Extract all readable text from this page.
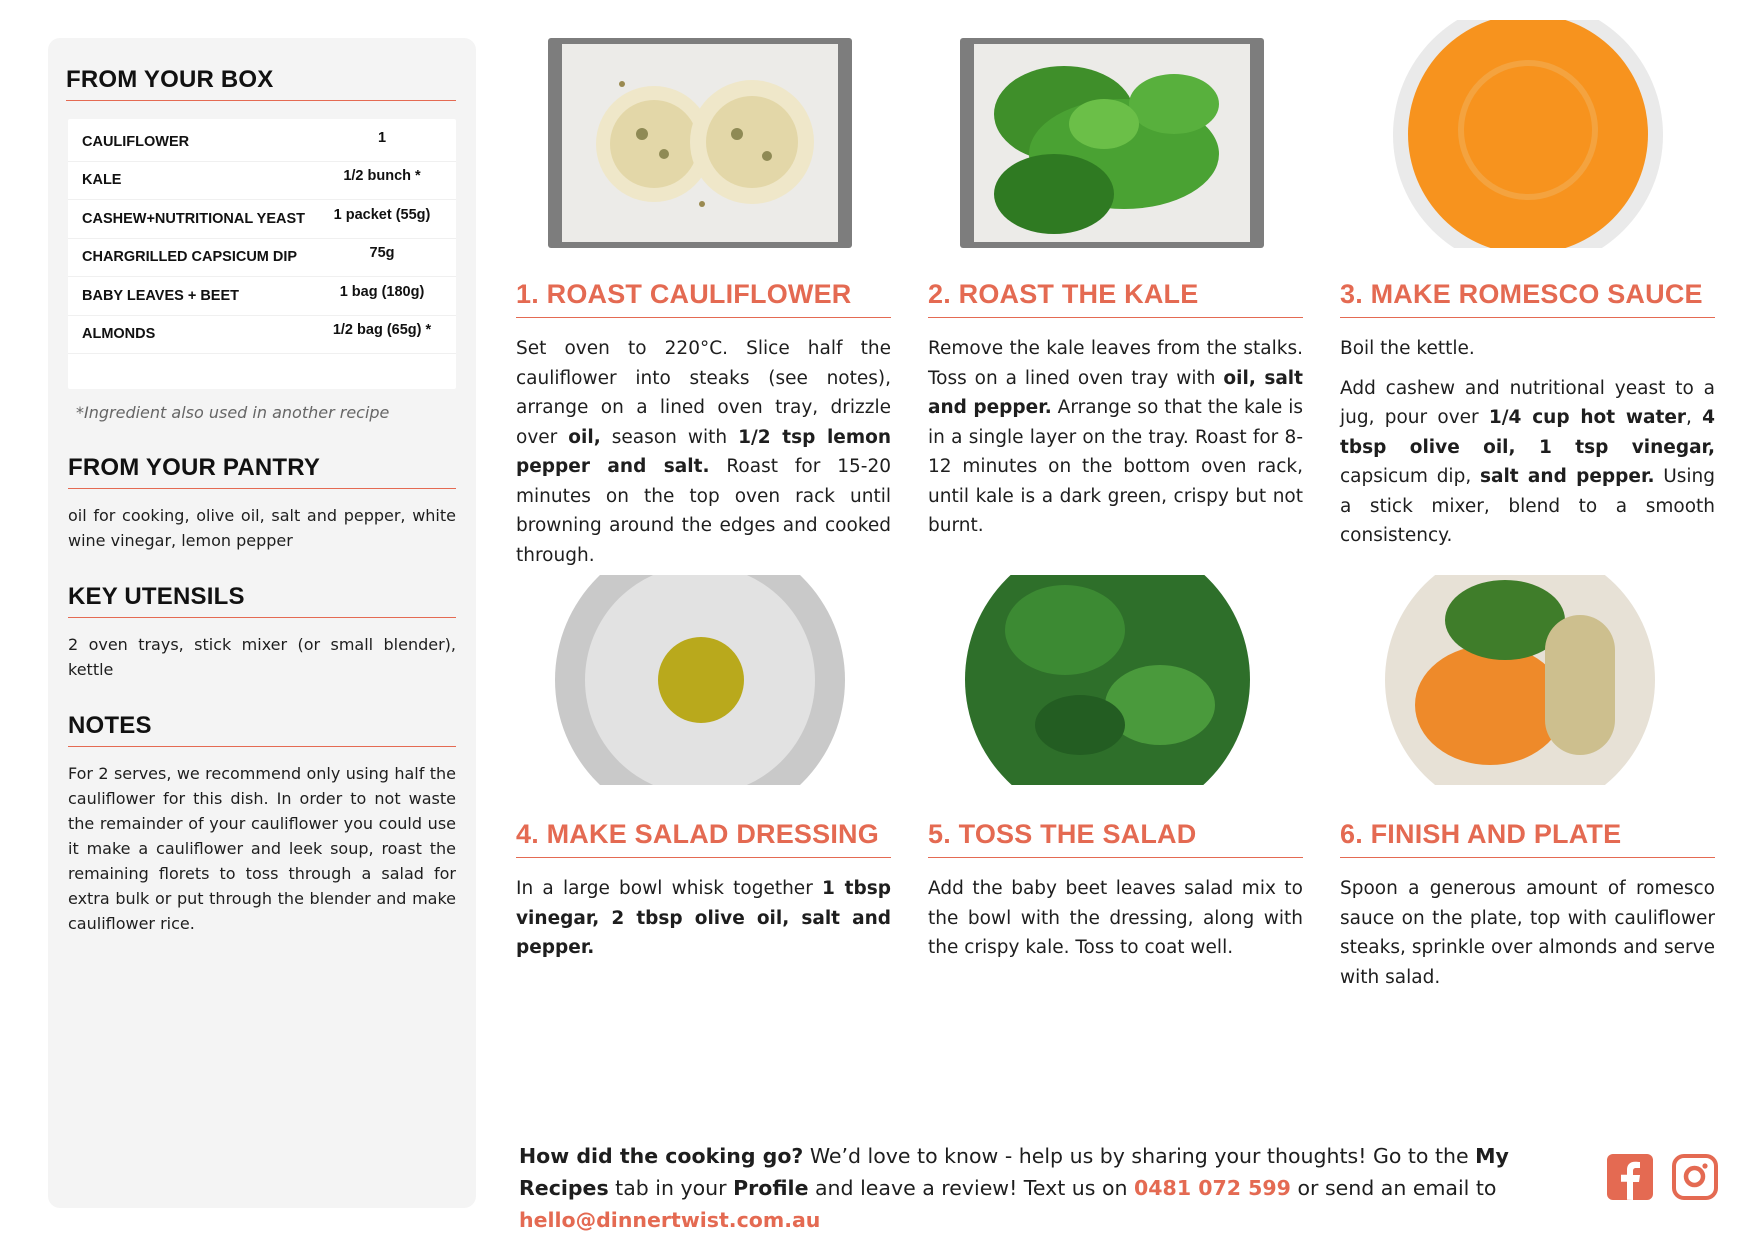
FROM YOUR BOX
CAULIFLOWER	1
KALE	1/2 bunch *
CASHEW+NUTRITIONAL YEAST	1 packet (55g)
CHARGRILLED CAPSICUM DIP	75g
BABY LEAVES + BEET	1 bag (180g)
ALMONDS	1/2 bag (65g) *
*Ingredient also used in another recipe
FROM YOUR PANTRY
oil for cooking, olive oil, salt and pepper, white wine vinegar, lemon pepper
KEY UTENSILS
2 oven trays, stick mixer (or small blender), kettle
NOTES
For 2 serves, we recommend only using half the cauliflower for this dish. In order to not waste the remainder of your cauliflower you could use it make a cauliflower and leek soup, roast the remaining florets to toss through a salad for extra bulk or put through the blender and make cauliflower rice.
1. ROAST CAULIFLOWER
Set oven to 220°C. Slice half the cauliflower into steaks (see notes), arrange on a lined oven tray, drizzle over oil, season with 1/2 tsp lemon pepper and salt. Roast for 15-20 minutes on the top oven rack until browning around the edges and cooked through.
2. ROAST THE KALE
Remove the kale leaves from the stalks. Toss on a lined oven tray with oil, salt and pepper. Arrange so that the kale is in a single layer on the tray. Roast for 8-12 minutes on the bottom oven rack, until kale is a dark green, crispy but not burnt.
3. MAKE ROMESCO SAUCE
Boil the kettle.
Add cashew and nutritional yeast to a jug, pour over 1/4 cup hot water, 4 tbsp olive oil, 1 tsp vinegar, capsicum dip, salt and pepper. Using a stick mixer, blend to a smooth consistency.
4. MAKE SALAD DRESSING
In a large bowl whisk together 1 tbsp vinegar, 2 tbsp olive oil, salt and pepper.
5. TOSS THE SALAD
Add the baby beet leaves salad mix to the bowl with the dressing, along with the crispy kale. Toss to coat well.
6. FINISH AND PLATE
Spoon a generous amount of romesco sauce on the plate, top with cauliflower steaks, sprinkle over almonds and serve with salad.
How did the cooking go? We’d love to know - help us by sharing your thoughts! Go to the My Recipes tab in your Profile and leave a review! Text us on 0481 072 599 or send an email to hello@dinnertwist.com.au
